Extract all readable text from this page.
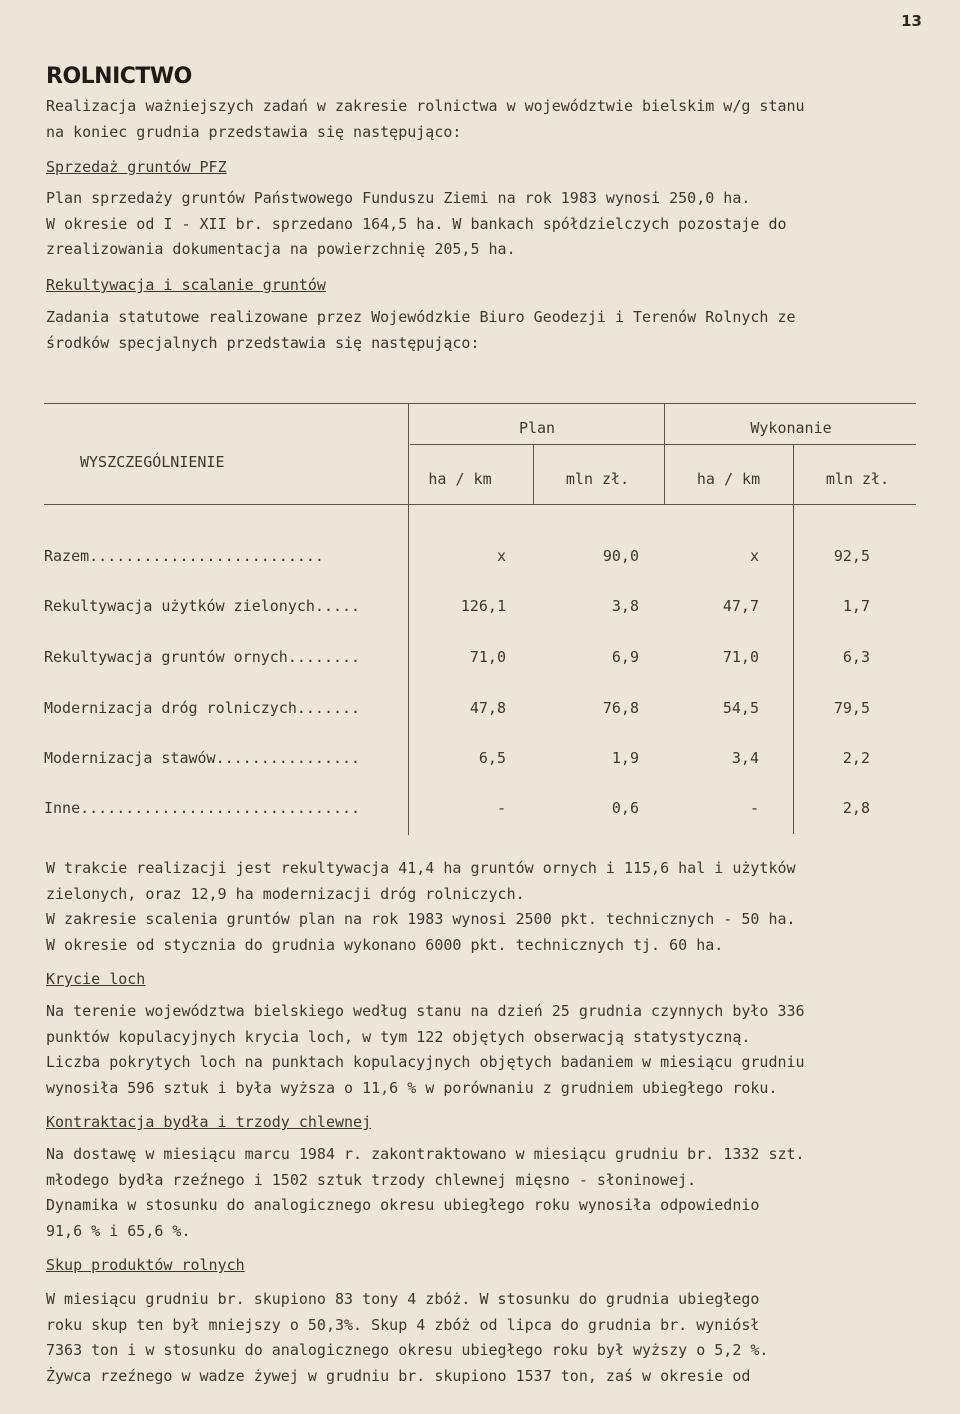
13
ROLNICTWO

Realizacja ważniejszych zadań w zakresie rolnictwa w województwie bielskim w/g stanu

na koniec grudnia przedstawia się następująco:

Sprzedaż gruntów PFZ

Plan sprzedaży gruntów Państwowego Funduszu Ziemi na rok 1983 wynosi 250,0 ha.

W okresie od I - XII br. sprzedano 164,5 ha. W bankach spółdzielczych pozostaje do

zrealizowania dokumentacja na powierzchnię 205,5 ha.

Rekultywacja i scalanie gruntów

Zadania statutowe realizowane przez Wojewódzkie Biuro Geodezji i Terenów Rolnych ze

środków specjalnych przedstawia się następująco:

WYSZCZEGÓLNIENIE
Plan	Wykonanie
ha / km	mln zł.	ha / km	mln zł.
Razem..........................	x	90,0	x	92,5
Rekultywacja użytków zielonych.....	126,1	3,8	47,7	1,7
Rekultywacja gruntów ornych........	71,0	6,9	71,0	6,3
Modernizacja dróg rolniczych.......	47,8	76,8	54,5	79,5
Modernizacja stawów................	6,5	1,9	3,4	2,2
Inne...............................	-	0,6	-	2,8

W trakcie realizacji jest rekultywacja 41,4 ha gruntów ornych i 115,6 hal i użytków

zielonych, oraz 12,9 ha modernizacji dróg rolniczych.

W zakresie scalenia gruntów plan na rok 1983 wynosi 2500 pkt. technicznych - 50 ha.

W okresie od stycznia do grudnia wykonano 6000 pkt. technicznych tj. 60 ha.

Krycie loch

Na terenie województwa bielskiego według stanu na dzień 25 grudnia czynnych było 336

punktów kopulacyjnych krycia loch, w tym 122 objętych obserwacją statystyczną.

Liczba pokrytych loch na punktach kopulacyjnych objętych badaniem w miesiącu grudniu

wynosiła 596 sztuk i była wyższa o 11,6 % w porównaniu z grudniem ubiegłego roku.

Kontraktacja bydła i trzody chlewnej

Na dostawę w miesiącu marcu 1984 r. zakontraktowano w miesiącu grudniu br. 1332 szt.

młodego bydła rzeźnego i 1502 sztuk trzody chlewnej mięsno - słoninowej.

Dynamika w stosunku do analogicznego okresu ubiegłego roku wynosiła odpowiednio

91,6 % i 65,6 %.

Skup produktów rolnych

W miesiącu grudniu br. skupiono 83 tony 4 zbóż. W stosunku do grudnia ubiegłego

roku skup ten był mniejszy o 50,3%. Skup 4 zbóż od lipca do grudnia br. wyniósł

7363 ton i w stosunku do analogicznego okresu ubiegłego roku był wyższy o 5,2 %.

Żywca rzeźnego w wadze żywej w grudniu br. skupiono 1537 ton, zaś w okresie od
